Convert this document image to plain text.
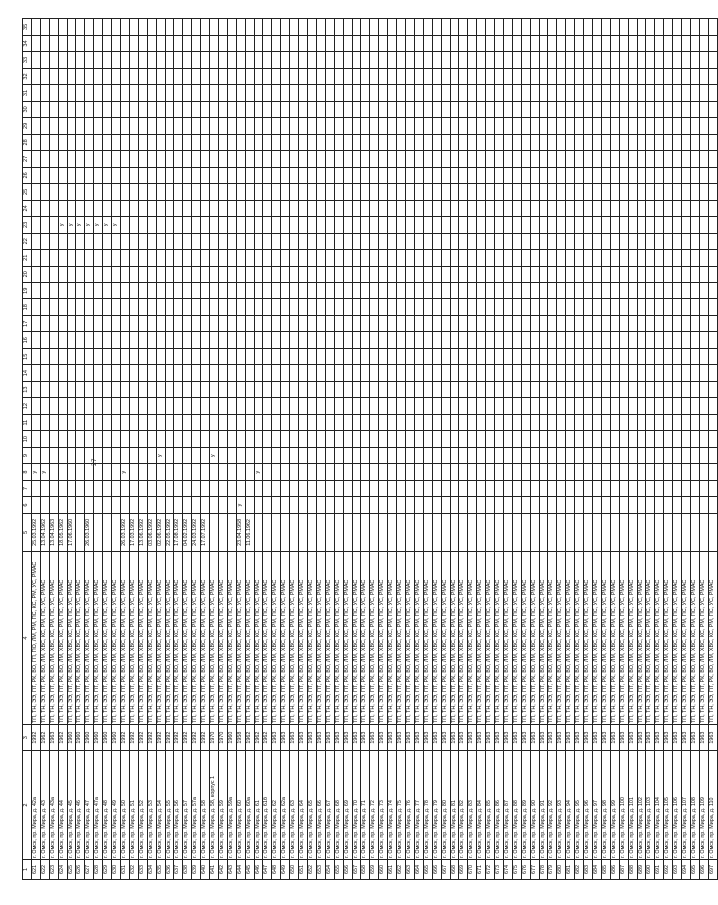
27
1	2	3	4	5	6	7	8	9	10	11	12	13	14	15	16	17	18	19	20	21	22	23	24	25	26	27	28	29	30	31	32	33	34	35
621	г. Омск, пр. Мира, д. 42а	1992	ТП, ТН, ЭЭ, ПТ, РК, ВО, ГП, ПО, ЛМ, РМ, ПС, КС, РМ, УС, РМАС	25.03.1992			у																											
622	г. Омск, пр. Мира, д. 43	1962	ТП, ТН, ЭЭ, ПТ, РК, ВО, ЛМ, ХВС, КС, РМ, ПС, УС, РМАС	13.04.1962			у																											
623	г. Омск, пр. Мира, д. 43а	1963	ТП, ТН, ЭЭ, ПТ, РК, ВО, ЛМ, ХВС, КС, РМ, ПС, УС, РМАС	13.04.1963																														
624	г. Омск, пр. Мира, д. 44	1962	ТП, ТН, ЭЭ, ПТ, РК, ВО, ЛМ, ХВС, КС, РМ, ПС, УС, РМАС	18.05.1962																		у												
625	г. Омск, пр. Мира, д. 45	1960	ТП, ТН, ЭЭ, ПТ, РК, ВО, ЛМ, ХВС, КС, РМ, ПС, УС, РМАС	17.06.1960																		у												
626	г. Омск, пр. Мира, д. 46	1960	ТП, ТН, ЭЭ, ПТ, РК, ВО, ЛМ, ХВС, КС, РМ, ПС, УС, РМАС																			у												
627	г. Омск, пр. Мира, д. 47	1960	ТП, ТН, ЭЭ, ПТ, РК, ВО, ЛМ, ХВС, КС, РМ, ПС, УС, РМАС	26.03.1960																		у												
628	г. Омск, пр. Мира, д. 47а	1960	ТП, ТН, ЭЭ, ПТ, РК, ВО, ЛМ, ХВС, КС, РМ, ПС, УС, РМАС																			у												
629	г. Омск, пр. Мира, д. 48	1960	ТП, ТН, ЭЭ, ПТ, РК, ВО, ЛМ, ХВС, КС, РМ, ПС, УС, РМАС																			у												
630	г. Омск, пр. Мира, д. 49	1960	ТП, ТН, ЭЭ, ПТ, РК, ВО, ЛМ, ХВС, КС, РМ, ПС, УС, РМАС																			у												
631	г. Омск, пр. Мира, д. 50	1992	ТП, ТН, ЭЭ, ПТ, РК, ВО, ЛМ, ХВС, КС, РМ, ПС, УС, РМАС	26.03.1992			у																											
632	г. Омск, пр. Мира, д. 51	1992	ТП, ТН, ЭЭ, ПТ, РК, ВО, ЛМ, ХВС, КС, РМ, ПС, УС, РМАС	17.03.1992																														
633	г. Омск, пр. Мира, д. 52	1992	ТП, ТН, ЭЭ, ПТ, РК, ВО, ЛМ, ХВС, КС, РМ, ПС, УС, РМАС	13.06.1992																														
634	г. Омск, пр. Мира, д. 53	1992	ТП, ТН, ЭЭ, ПТ, РК, ВО, ЛМ, ХВС, КС, РМ, ПС, УС, РМАС	03.06.1992																														
635	г. Омск, пр. Мира, д. 54	1992	ТП, ТН, ЭЭ, ПТ, РК, ВО, ЛМ, ХВС, КС, РМ, ПС, УС, РМАС	02.06.1992				у																										
636	г. Омск, пр. Мира, д. 55	1992	ТП, ТН, ЭЭ, ПТ, РК, ВО, ЛМ, ХВС, КС, РМ, ПС, УС, РМАС	22.05.1992																														
637	г. Омск, пр. Мира, д. 56	1992	ТП, ТН, ЭЭ, ПТ, РК, ВО, ЛМ, ХВС, КС, РМ, ПС, УС, РМАС	17.08.1992																														
638	г. Омск, пр. Мира, д. 57	1992	ТП, ТН, ЭЭ, ПТ, РК, ВО, ЛМ, ХВС, КС, РМ, ПС, УС, РМАС	04.02.1992																														
639	г. Омск, пр. Мира, д. 57а	1992	ТП, ТН, ЭЭ, ПТ, РК, ВО, ЛМ, ХВС, КС, РМ, ПС, УС, РМАС	24.03.1992																														
640	г. Омск, пр. Мира, д. 58	1992	ТП, ТН, ЭЭ, ПТ, РК, ВО, ЛМ, ХВС, КС, РМ, ПС, УС, РМАС	17.07.1992																														
641	г. Омск, пр. Мира, д. 58, корпус 1	1970	ТП, ТН, ЭЭ, ПТ, РК, ВО, ЛМ, ХВС, КС, РМ, ПС, УС, РМАС					у																										
642	г. Омск, пр. Мира, д. 59	1970	ТП, ТН, ЭЭ, ПТ, РК, ВО, ЛМ, ХВС, КС, РМ, ПС, УС, РМАС																															
643	г. Омск, пр. Мира, д. 59а	1960	ТП, ТН, ЭЭ, ПТ, РК, ВО, ЛМ, ХВС, КС, РМ, ПС, УС, РМАС																															
644	г. Омск, пр. Мира, д. 60	1958	ТП, ТН, ЭЭ, ПТ, РК, ВО, ЛМ, ХВС, КС, РМ, ПС, УС, РМАС	23.04.1958	у																													
645	г. Омск, пр. Мира, д. 60а	1962	ТП, ТН, ЭЭ, ПТ, РК, ВО, ЛМ, ХВС, КС, РМ, ПС, УС, РМАС	11.06.1962																														
646	г. Омск, пр. Мира, д. 61	1962	ТП, ТН, ЭЭ, ПТ, РК, ВО, ЛМ, ХВС, КС, РМ, ПС, УС, РМАС				у																											
647	г. Омск, пр. Мира, д. 61б	1962	ТП, ТН, ЭЭ, ПТ, РК, ВО, ЛМ, ХВС, КС, РМ, ПС, УС, РМАС																															
648	г. Омск, пр. Мира, д. 62	1963	ТП, ТН, ЭЭ, ПТ, РК, ВО, ЛМ, ХВС, КС, РМ, ПС, УС, РМАС																															
649	г. Омск, пр. Мира, д. 62а	1963	ТП, ТН, ЭЭ, ПТ, РК, ВО, ЛМ, ХВС, КС, РМ, ПС, УС, РМАС																															
650	г. Омск, пр. Мира, д. 63	1963	ТП, ТН, ЭЭ, ПТ, РК, ВО, ЛМ, ХВС, КС, РМ, ПС, УС, РМАС																															
651	г. Омск, пр. Мира, д. 64	1963	ТП, ТН, ЭЭ, ПТ, РК, ВО, ЛМ, ХВС, КС, РМ, ПС, УС, РМАС																															
652	г. Омск, пр. Мира, д. 65	1963	ТП, ТН, ЭЭ, ПТ, РК, ВО, ЛМ, ХВС, КС, РМ, ПС, УС, РМАС																															
653	г. Омск, пр. Мира, д. 66	1963	ТП, ТН, ЭЭ, ПТ, РК, ВО, ЛМ, ХВС, КС, РМ, ПС, УС, РМАС																															
654	г. Омск, пр. Мира, д. 67	1963	ТП, ТН, ЭЭ, ПТ, РК, ВО, ЛМ, ХВС, КС, РМ, ПС, УС, РМАС																															
655	г. Омск, пр. Мира, д. 68	1963	ТП, ТН, ЭЭ, ПТ, РК, ВО, ЛМ, ХВС, КС, РМ, ПС, УС, РМАС																															
656	г. Омск, пр. Мира, д. 69	1963	ТП, ТН, ЭЭ, ПТ, РК, ВО, ЛМ, ХВС, КС, РМ, ПС, УС, РМАС																															
657	г. Омск, пр. Мира, д. 70	1963	ТП, ТН, ЭЭ, ПТ, РК, ВО, ЛМ, ХВС, КС, РМ, ПС, УС, РМАС																															
658	г. Омск, пр. Мира, д. 71	1963	ТП, ТН, ЭЭ, ПТ, РК, ВО, ЛМ, ХВС, КС, РМ, ПС, УС, РМАС																															
659	г. Омск, пр. Мира, д. 72	1963	ТП, ТН, ЭЭ, ПТ, РК, ВО, ЛМ, ХВС, КС, РМ, ПС, УС, РМАС																															
660	г. Омск, пр. Мира, д. 73	1963	ТП, ТН, ЭЭ, ПТ, РК, ВО, ЛМ, ХВС, КС, РМ, ПС, УС, РМАС																															
661	г. Омск, пр. Мира, д. 74	1963	ТП, ТН, ЭЭ, ПТ, РК, ВО, ЛМ, ХВС, КС, РМ, ПС, УС, РМАС																															
662	г. Омск, пр. Мира, д. 75	1963	ТП, ТН, ЭЭ, ПТ, РК, ВО, ЛМ, ХВС, КС, РМ, ПС, УС, РМАС																															
663	г. Омск, пр. Мира, д. 76	1963	ТП, ТН, ЭЭ, ПТ, РК, ВО, ЛМ, ХВС, КС, РМ, ПС, УС, РМАС																															
664	г. Омск, пр. Мира, д. 77	1963	ТП, ТН, ЭЭ, ПТ, РК, ВО, ЛМ, ХВС, КС, РМ, ПС, УС, РМАС																															
665	г. Омск, пр. Мира, д. 78	1963	ТП, ТН, ЭЭ, ПТ, РК, ВО, ЛМ, ХВС, КС, РМ, ПС, УС, РМАС																															
666	г. Омск, пр. Мира, д. 79	1963	ТП, ТН, ЭЭ, ПТ, РК, ВО, ЛМ, ХВС, КС, РМ, ПС, УС, РМАС																															
667	г. Омск, пр. Мира, д. 80	1963	ТП, ТН, ЭЭ, ПТ, РК, ВО, ЛМ, ХВС, КС, РМ, ПС, УС, РМАС																															
668	г. Омск, пр. Мира, д. 81	1963	ТП, ТН, ЭЭ, ПТ, РК, ВО, ЛМ, ХВС, КС, РМ, ПС, УС, РМАС																															
669	г. Омск, пр. Мира, д. 82	1963	ТП, ТН, ЭЭ, ПТ, РК, ВО, ЛМ, ХВС, КС, РМ, ПС, УС, РМАС																															
670	г. Омск, пр. Мира, д. 83	1963	ТП, ТН, ЭЭ, ПТ, РК, ВО, ЛМ, ХВС, КС, РМ, ПС, УС, РМАС																															
671	г. Омск, пр. Мира, д. 84	1963	ТП, ТН, ЭЭ, ПТ, РК, ВО, ЛМ, ХВС, КС, РМ, ПС, УС, РМАС																															
672	г. Омск, пр. Мира, д. 85	1963	ТП, ТН, ЭЭ, ПТ, РК, ВО, ЛМ, ХВС, КС, РМ, ПС, УС, РМАС																															
673	г. Омск, пр. Мира, д. 86	1963	ТП, ТН, ЭЭ, ПТ, РК, ВО, ЛМ, ХВС, КС, РМ, ПС, УС, РМАС																															
674	г. Омск, пр. Мира, д. 87	1963	ТП, ТН, ЭЭ, ПТ, РК, ВО, ЛМ, ХВС, КС, РМ, ПС, УС, РМАС																															
675	г. Омск, пр. Мира, д. 88	1963	ТП, ТН, ЭЭ, ПТ, РК, ВО, ЛМ, ХВС, КС, РМ, ПС, УС, РМАС																															
676	г. Омск, пр. Мира, д. 89	1963	ТП, ТН, ЭЭ, ПТ, РК, ВО, ЛМ, ХВС, КС, РМ, ПС, УС, РМАС																															
677	г. Омск, пр. Мира, д. 90	1963	ТП, ТН, ЭЭ, ПТ, РК, ВО, ЛМ, ХВС, КС, РМ, ПС, УС, РМАС																															
678	г. Омск, пр. Мира, д. 91	1963	ТП, ТН, ЭЭ, ПТ, РК, ВО, ЛМ, ХВС, КС, РМ, ПС, УС, РМАС																															
679	г. Омск, пр. Мира, д. 92	1963	ТП, ТН, ЭЭ, ПТ, РК, ВО, ЛМ, ХВС, КС, РМ, ПС, УС, РМАС																															
680	г. Омск, пр. Мира, д. 93	1963	ТП, ТН, ЭЭ, ПТ, РК, ВО, ЛМ, ХВС, КС, РМ, ПС, УС, РМАС																															
681	г. Омск, пр. Мира, д. 94	1963	ТП, ТН, ЭЭ, ПТ, РК, ВО, ЛМ, ХВС, КС, РМ, ПС, УС, РМАС																															
682	г. Омск, пр. Мира, д. 95	1963	ТП, ТН, ЭЭ, ПТ, РК, ВО, ЛМ, ХВС, КС, РМ, ПС, УС, РМАС																															
683	г. Омск, пр. Мира, д. 96	1963	ТП, ТН, ЭЭ, ПТ, РК, ВО, ЛМ, ХВС, КС, РМ, ПС, УС, РМАС																															
684	г. Омск, пр. Мира, д. 97	1963	ТП, ТН, ЭЭ, ПТ, РК, ВО, ЛМ, ХВС, КС, РМ, ПС, УС, РМАС																															
685	г. Омск, пр. Мира, д. 98	1963	ТП, ТН, ЭЭ, ПТ, РК, ВО, ЛМ, ХВС, КС, РМ, ПС, УС, РМАС																															
686	г. Омск, пр. Мира, д. 99	1963	ТП, ТН, ЭЭ, ПТ, РК, ВО, ЛМ, ХВС, КС, РМ, ПС, УС, РМАС																															
687	г. Омск, пр. Мира, д. 100	1963	ТП, ТН, ЭЭ, ПТ, РК, ВО, ЛМ, ХВС, КС, РМ, ПС, УС, РМАС																															
688	г. Омск, пр. Мира, д. 101	1963	ТП, ТН, ЭЭ, ПТ, РК, ВО, ЛМ, ХВС, КС, РМ, ПС, УС, РМАС																															
689	г. Омск, пр. Мира, д. 102	1963	ТП, ТН, ЭЭ, ПТ, РК, ВО, ЛМ, ХВС, КС, РМ, ПС, УС, РМАС																															
690	г. Омск, пр. Мира, д. 103	1963	ТП, ТН, ЭЭ, ПТ, РК, ВО, ЛМ, ХВС, КС, РМ, ПС, УС, РМАС																															
691	г. Омск, пр. Мира, д. 104	1963	ТП, ТН, ЭЭ, ПТ, РК, ВО, ЛМ, ХВС, КС, РМ, ПС, УС, РМАС																															
692	г. Омск, пр. Мира, д. 105	1963	ТП, ТН, ЭЭ, ПТ, РК, ВО, ЛМ, ХВС, КС, РМ, ПС, УС, РМАС																															
693	г. Омск, пр. Мира, д. 106	1963	ТП, ТН, ЭЭ, ПТ, РК, ВО, ЛМ, ХВС, КС, РМ, ПС, УС, РМАС																															
694	г. Омск, пр. Мира, д. 107	1963	ТП, ТН, ЭЭ, ПТ, РК, ВО, ЛМ, ХВС, КС, РМ, ПС, УС, РМАС																															
695	г. Омск, пр. Мира, д. 108	1963	ТП, ТН, ЭЭ, ПТ, РК, ВО, ЛМ, ХВС, КС, РМ, ПС, УС, РМАС																															
696	г. Омск, пр. Мира, д. 109	1963	ТП, ТН, ЭЭ, ПТ, РК, ВО, ЛМ, ХВС, КС, РМ, ПС, УС, РМАС																															
697	г. Омск, пр. Мира, д. 110	1963	ТП, ТН, ЭЭ, ПТ, РК, ВО, ЛМ, ХВС, КС, РМ, ПС, УС, РМАС																															
